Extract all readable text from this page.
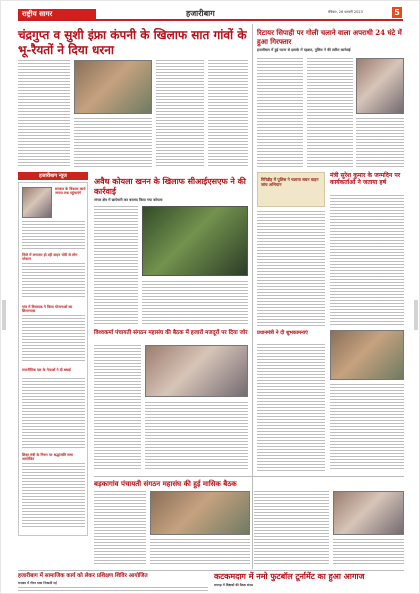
राष्ट्रीय सागर	हजारीबाग	रविवार, 26 फरवरी 2023	5
चंद्रगुप्त व सुशी इंफ्रा कंपनी के खिलाफ सात गांवों के भू-रैयतों ने दिया धरना
रिटायर सिपाही पर गोली चलाने वाला अपराधी 24 घंटे में हुआ गिरफ्तार
हजारीबाग में हुई घटना से इलाके में दहशत, पुलिस ने की त्वरित कार्रवाई
हजारीबाग न्यूज
सरकार के विकास कार्य जनता तक पहुंचाएंगे
जिले में लगातार हो रही वाहन चोरी से लोग परेशान
गांव में विधायक ने किया योजनाओं का शिलान्यास
राजनीतिक दल के नेताओं ने दी बधाई
शिक्षा मंत्री के निधन पर श्रद्धांजलि सभा आयोजित
अवैध कोयला खनन के खिलाफ सीआईएसएफ ने की कार्रवाई
जंगल क्षेत्र में छापेमारी कर बरामद किया गया कोयला
गिरिडीह में पुलिस ने चलाया सघन वाहन जांच अभियान
मंत्री सुरेश कुमार के जन्मदिन पर कार्यकर्ताओं ने जताया हर्ष
विश्वकर्मा पंचायती संगठन महासंघ की बैठक में हजारों मजदूरों पर दिया जोर प्रधानमंत्री ने दी शुभकामनाएं
बड़कागांव पंचायती संगठन महासंघ की हुई मासिक बैठक
हजारीबाग में सामाजिक कार्य को लेकर प्रशिक्षण शिविर आयोजित
धनबाद में गौरव यात्रा निकाली गई
कटकमदाग में नमो फुटबॉल टूर्नामेंट का हुआ आगाज
रामगढ़ में शिक्षकों की बैठक संपन्न
